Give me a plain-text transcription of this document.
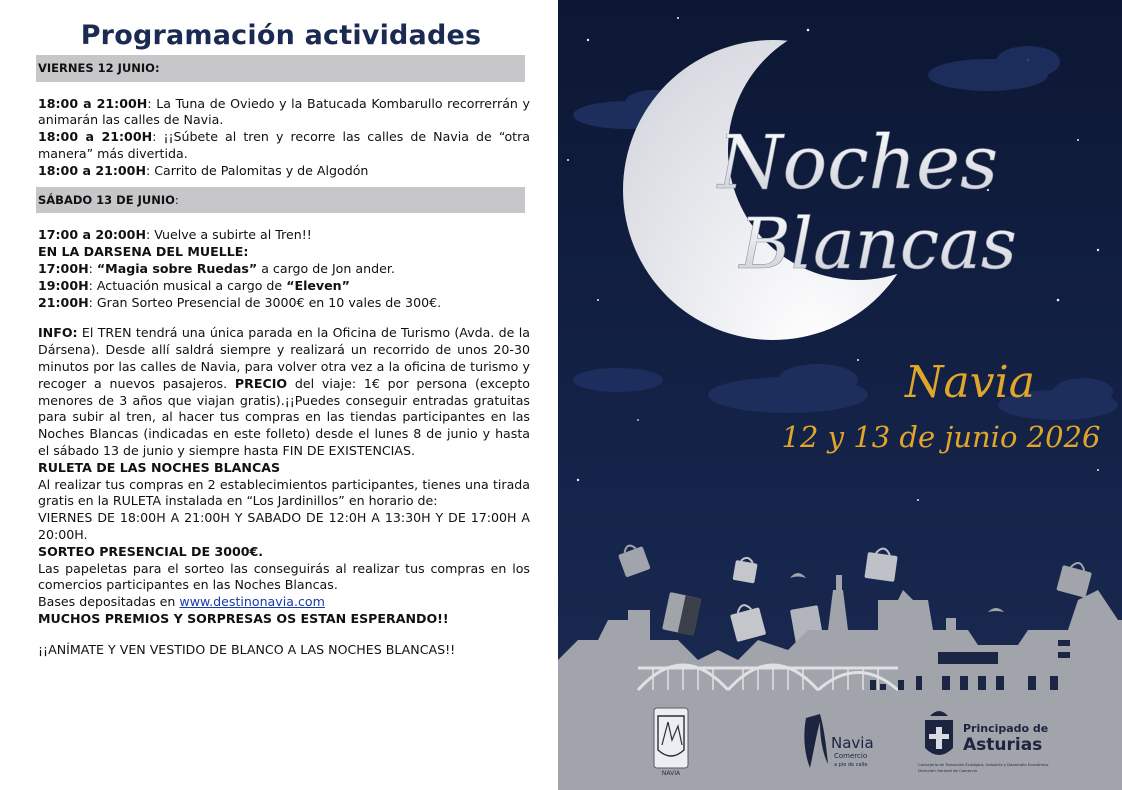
Programación actividades
VIERNES 12 JUNIO:

18:00 a 21:00H: La Tuna de Oviedo y la Batucada Kombarullo recorrerrán y animarán las calles de Navia.

18:00 a 21:00H: ¡¡Súbete al tren y recorre las calles de Navia de “otra manera” más divertida.

18:00 a 21:00H: Carrito de Palomitas y de Algodón

SÁBADO 13 DE JUNIO:

17:00 a 20:00H: Vuelve a subirte al Tren!!

EN LA DARSENA DEL MUELLE:

17:00H: “Magia sobre Ruedas” a cargo de Jon ander.

19:00H: Actuación musical a cargo de “Eleven”

21:00H: Gran Sorteo Presencial de 3000€ en 10 vales de 300€.

INFO: El TREN tendrá una única parada en la Oficina de Turismo (Avda. de la Dársena). Desde allí saldrá siempre y realizará un recorrido de unos 20-30 minutos por las calles de Navia, para volver otra vez a la oficina de turismo y recoger a nuevos pasajeros. PRECIO del viaje: 1€ por persona (excepto menores de 3 años que viajan gratis).¡¡Puedes conseguir entradas gratuitas para subir al tren, al hacer tus compras en las tiendas participantes en las Noches Blancas (indicadas en este folleto) desde el lunes 8 de junio y hasta el sábado 13 de junio y siempre hasta FIN DE EXISTENCIAS.

RULETA DE LAS NOCHES BLANCAS

Al realizar tus compras en 2 establecimientos participantes, tienes una tirada gratis en la RULETA instalada en “Los Jardinillos” en horario de:

VIERNES DE 18:00H A 21:00H Y SABADO DE 12:0H A 13:30H Y DE 17:00H A 20:00H.

SORTEO PRESENCIAL DE 3000€.

Las papeletas para el sorteo las conseguirás al realizar tus compras en los comercios participantes en las Noches Blancas.

Bases depositadas en www.destinonavia.com

MUCHOS PREMIOS Y SORPRESAS OS ESTAN ESPERANDO!!

¡¡ANÍMATE Y VEN VESTIDO DE BLANCO A LAS NOCHES BLANCAS!!

Noches
Blancas
Navia
12 y 13 de junio 2026
NAVIA
Navia
Comercio
a pie de calle
Principado de
Asturias
Consejería de Transición Ecológica, Industria y Desarrollo Económico
Dirección General de Comercio
